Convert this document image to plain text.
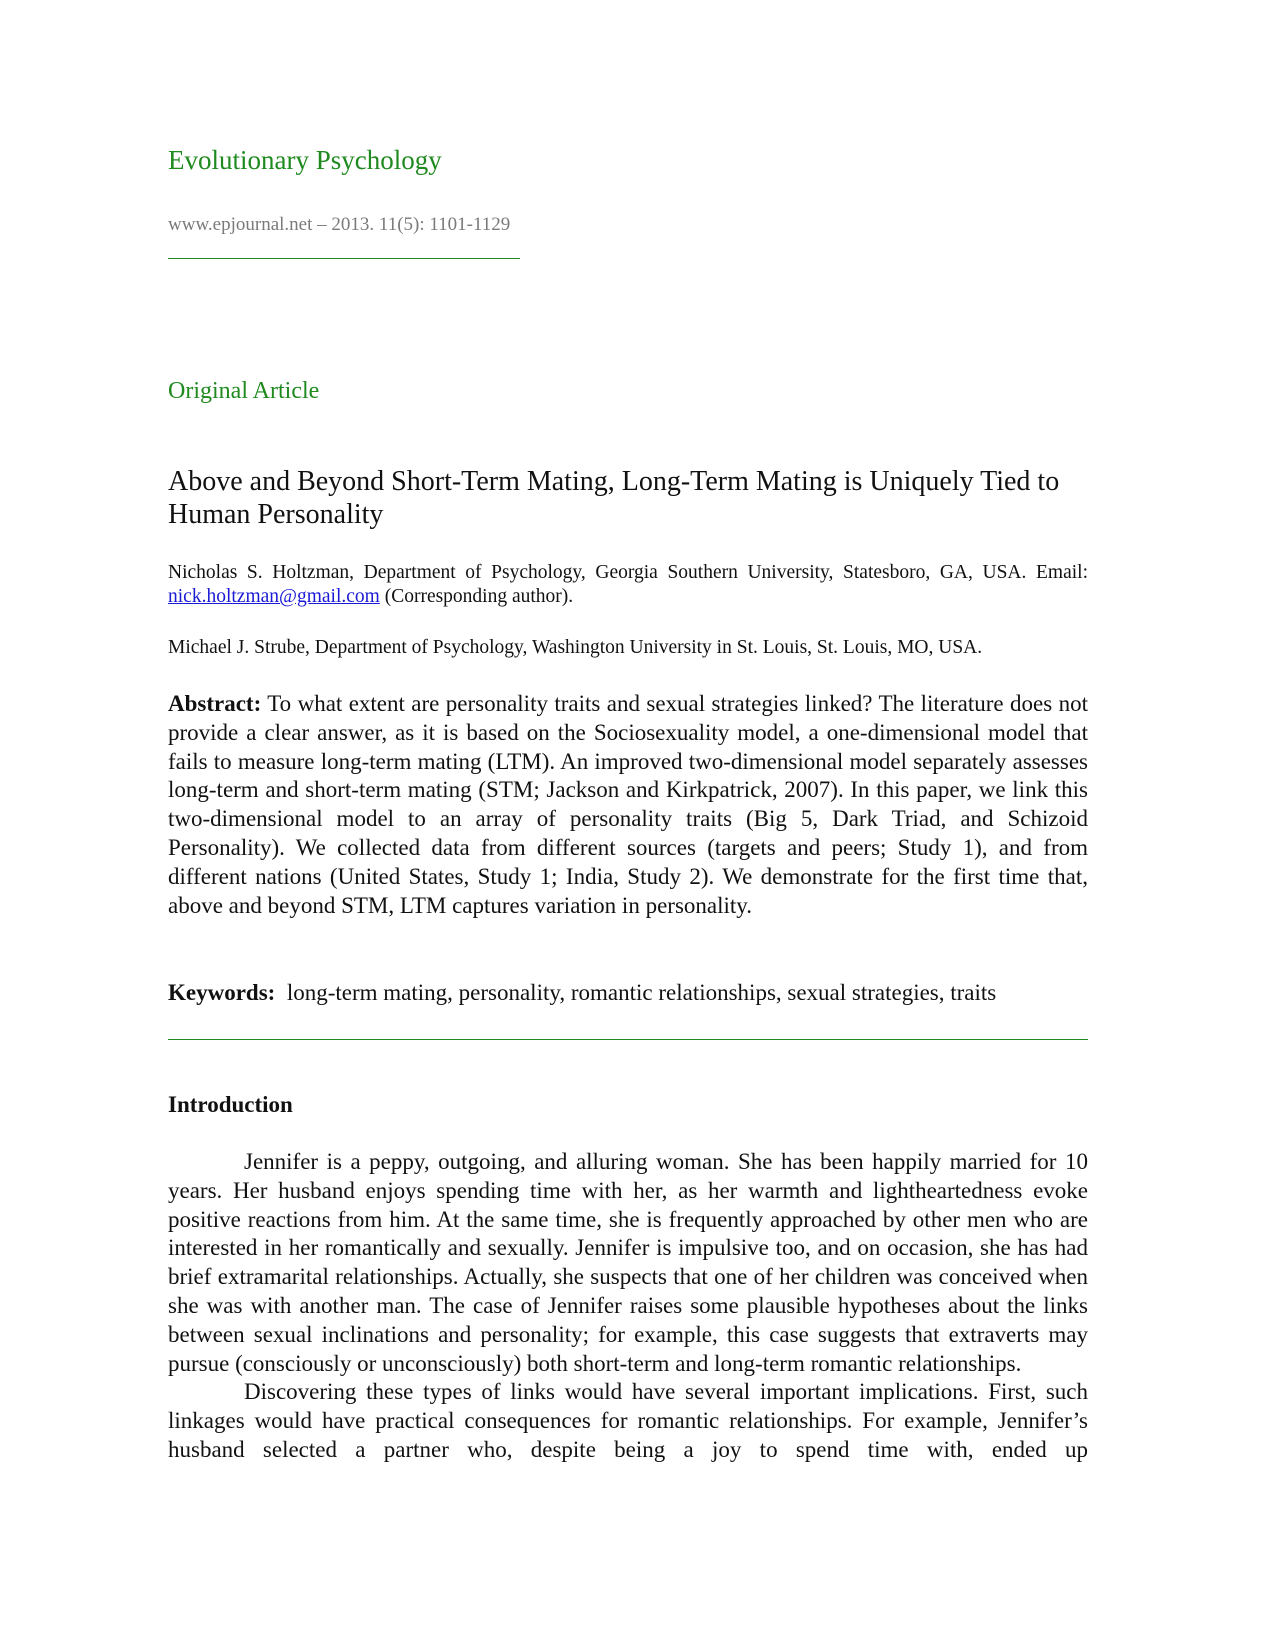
Evolutionary Psychology
www.epjournal.net – 2013. 11(5): 1101-1129
Original Article
Above and Beyond Short-Term Mating, Long-Term Mating is Uniquely Tied to Human Personality
Nicholas S. Holtzman, Department of Psychology, Georgia Southern University, Statesboro, GA, USA. Email: nick.holtzman@gmail.com (Corresponding author).
Michael J. Strube, Department of Psychology, Washington University in St. Louis, St. Louis, MO, USA.
Abstract: To what extent are personality traits and sexual strategies linked? The literature does not provide a clear answer, as it is based on the Sociosexuality model, a one-dimensional model that fails to measure long-term mating (LTM). An improved two-dimensional model separately assesses long-term and short-term mating (STM; Jackson and Kirkpatrick, 2007). In this paper, we link this two-dimensional model to an array of personality traits (Big 5, Dark Triad, and Schizoid Personality). We collected data from different sources (targets and peers; Study 1), and from different nations (United States, Study 1; India, Study 2). We demonstrate for the first time that, above and beyond STM, LTM captures variation in personality.
Keywords:  long-term mating, personality, romantic relationships, sexual strategies, traits
Introduction

Jennifer is a peppy, outgoing, and alluring woman. She has been happily married for 10 years. Her husband enjoys spending time with her, as her warmth and lightheartedness evoke positive reactions from him. At the same time, she is frequently approached by other men who are interested in her romantically and sexually. Jennifer is impulsive too, and on occasion, she has had brief extramarital relationships. Actually, she suspects that one of her children was conceived when she was with another man. The case of Jennifer raises some plausible hypotheses about the links between sexual inclinations and personality; for example, this case suggests that extraverts may pursue (consciously or unconsciously) both short-term and long-term romantic relationships.

Discovering these types of links would have several important implications. First, such linkages would have practical consequences for romantic relationships. For example, Jennifer’s husband selected a partner who, despite being a joy to spend time with, ended up
